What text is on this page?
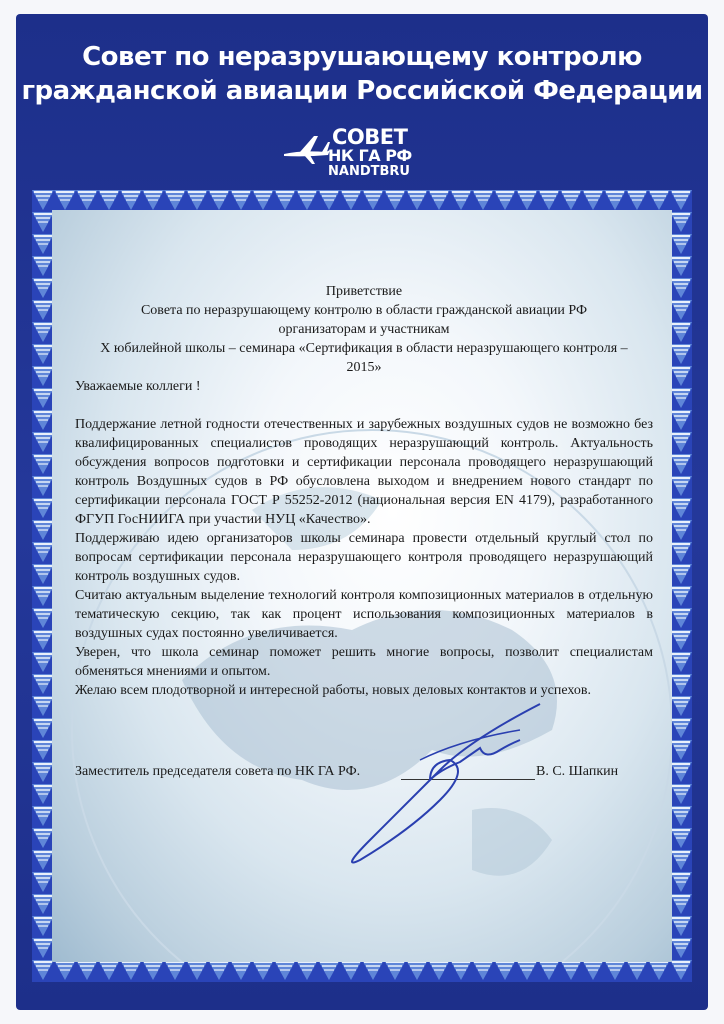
Совет по неразрушающему контролю
гражданской авиации Российской Федерации
СОВЕТ
НК ГА РФ
NANDTBRU
Приветствие
Совета по неразрушающему контролю в области гражданской авиации РФ
организаторам и участникам
X юбилейной школы – семинара «Сертификация в области неразрушающего контроля –
2015»
Уважаемые коллеги !

Поддержание летной годности отечественных и зарубежных воздушных судов не возможно без квалифицированных специалистов проводящих неразрушающий контроль. Актуальность обсуждения вопросов подготовки и сертификации персонала проводящего неразрушающий контроль Воздушных судов в РФ обусловлена выходом и внедрением нового стандарт по сертификации персонала ГОСТ Р 55252-2012 (национальная версия EN 4179), разработанного ФГУП ГосНИИГА при участии НУЦ «Качество».

Поддерживаю идею организаторов школы семинара провести отдельный круглый стол по вопросам сертификации персонала неразрушающего контроля проводящего неразрушающий контроль воздушных судов.

Считаю актуальным выделение технологий контроля композиционных материалов в отдельную тематическую секцию, так как процент использования композиционных материалов в воздушных судах постоянно увеличивается.

Уверен, что школа семинар поможет решить многие вопросы, позволит специалистам обменяться мнениями и опытом.

Желаю всем плодотворной и интересной работы, новых деловых контактов и успехов.

Заместитель председателя совета по НК ГА РФ.	В. С. Шапкин
